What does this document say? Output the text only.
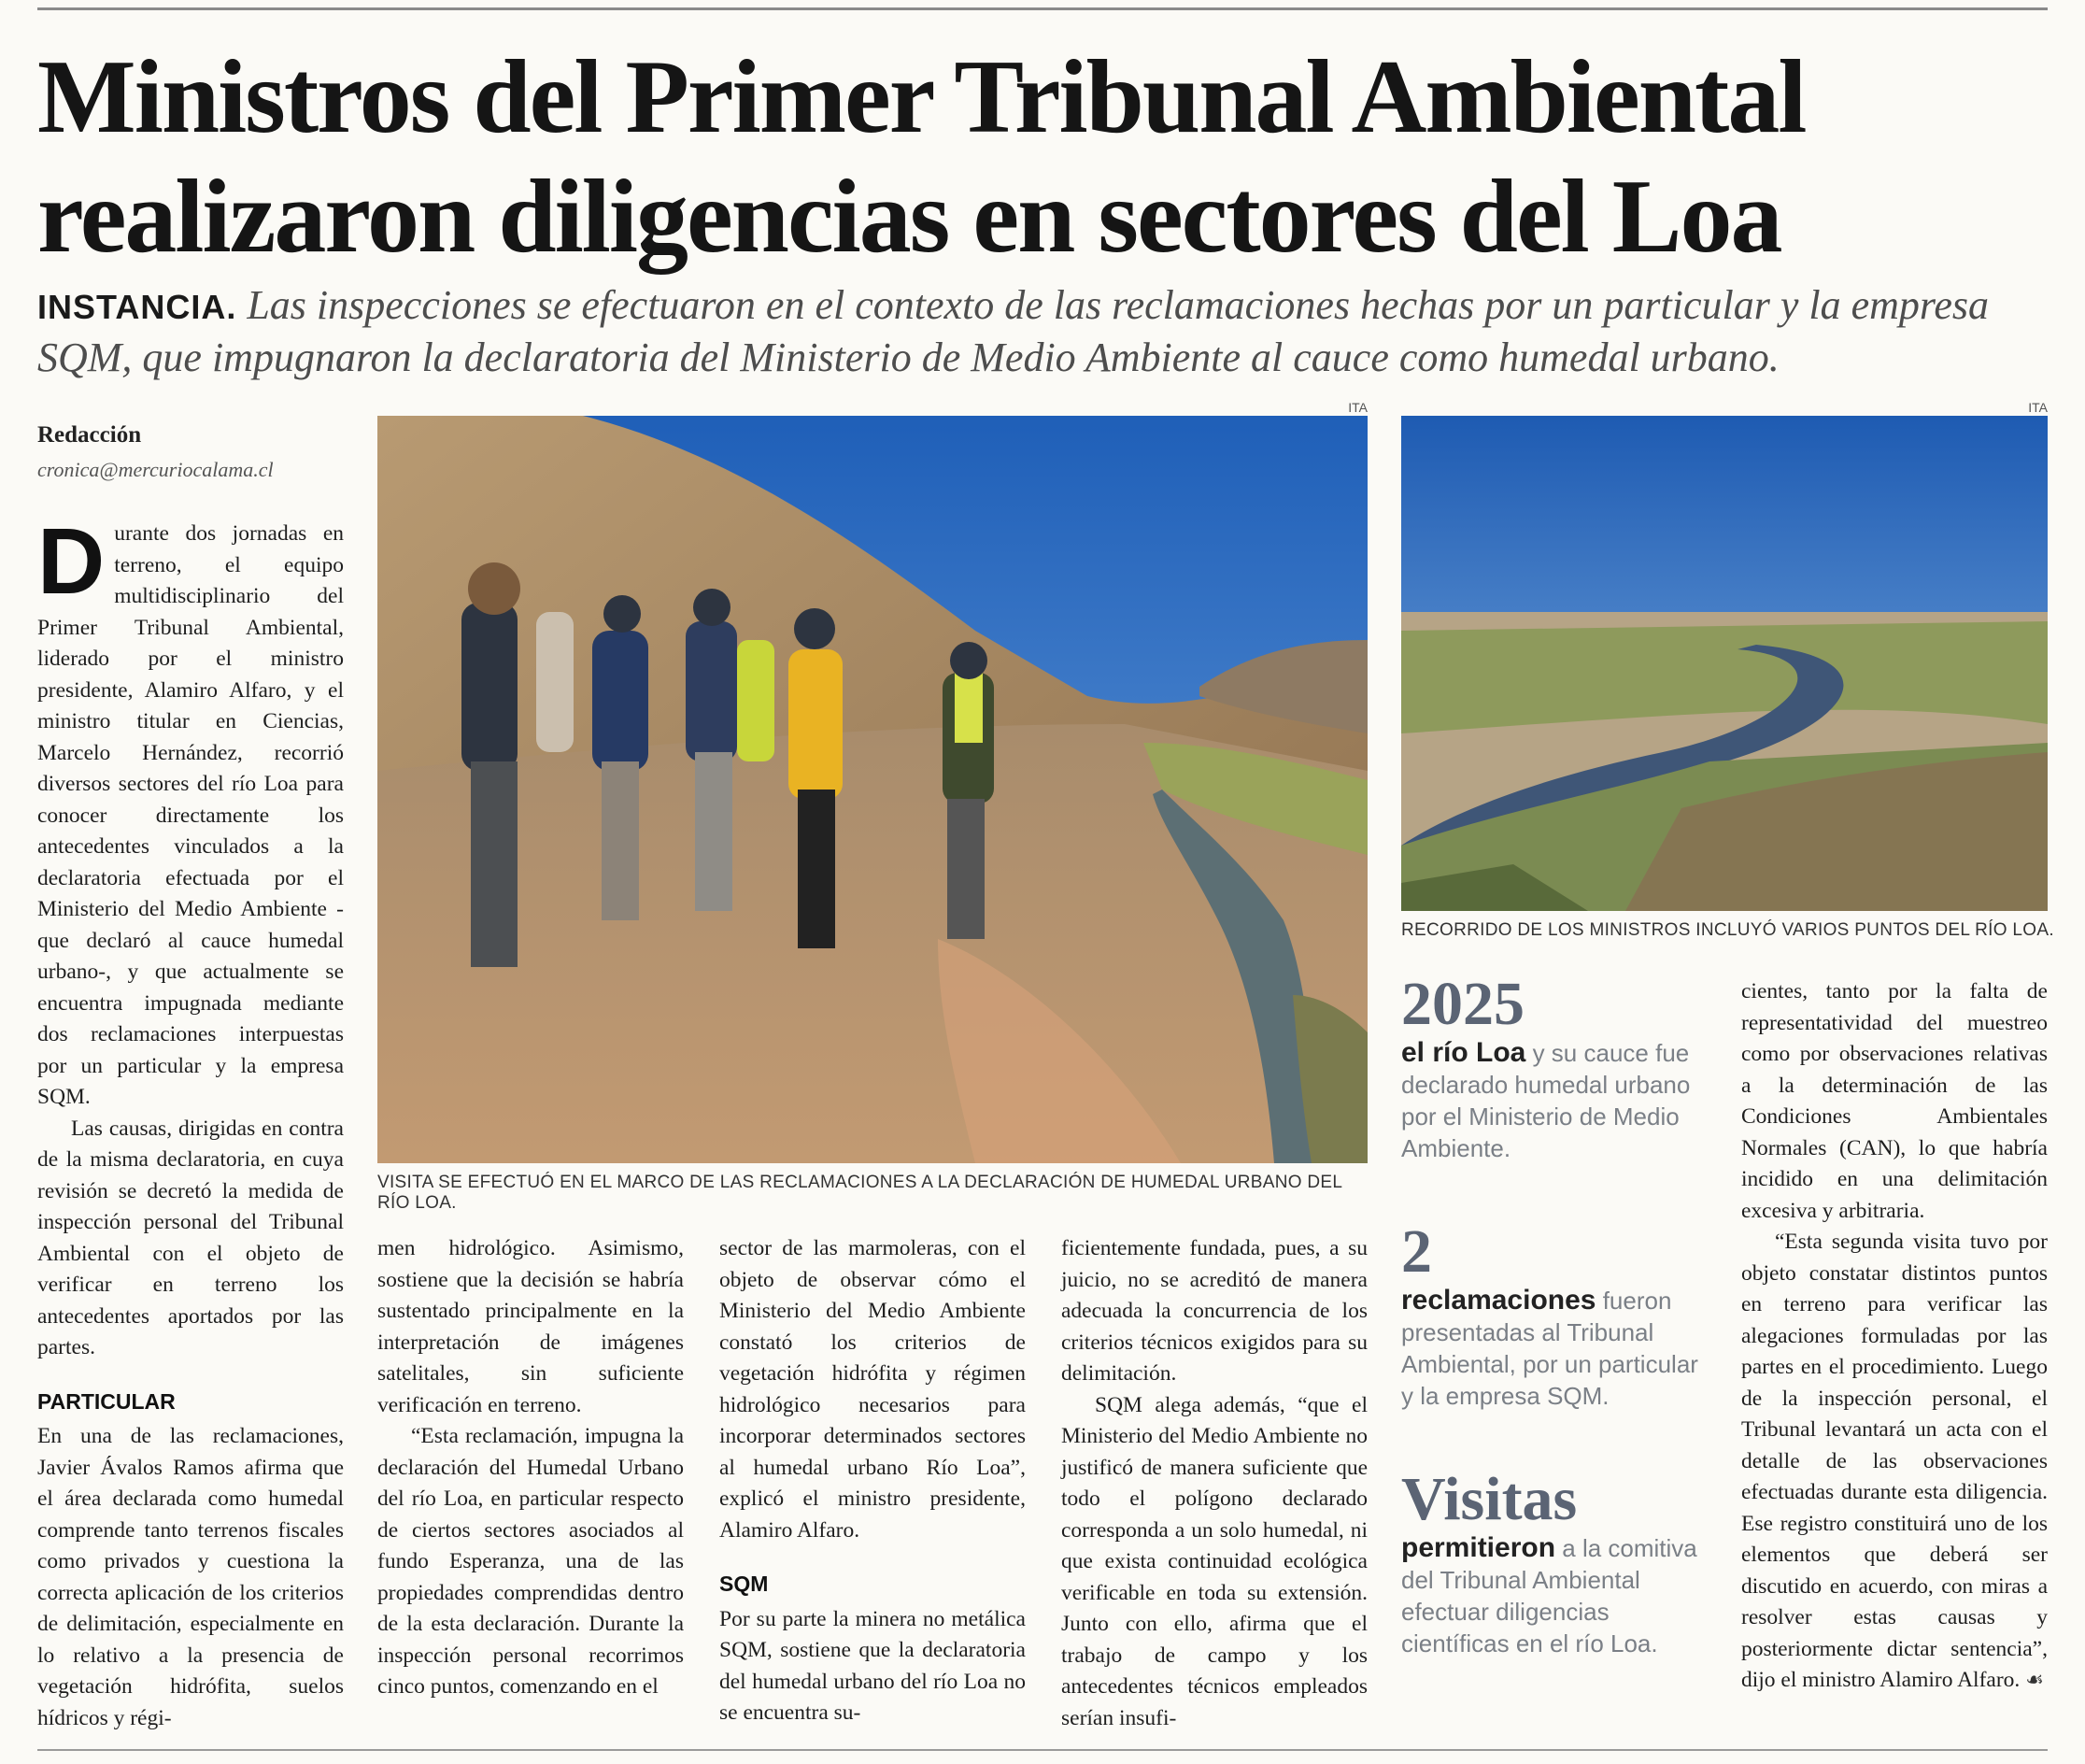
Ministros del Primer Tribunal Ambiental
realizaron diligencias en sectores del Loa
INSTANCIA. Las inspecciones se efectuaron en el contexto de las reclamaciones hechas por un particular y la empresa SQM, que impugnaron la declaratoria del Ministerio de Medio Ambiente al cauce como humedal urbano.
Redacción
cronica@mercuriocalama.cl

Durante dos jornadas en terreno, el equipo multidisciplinario del Primer Tribunal Ambiental, liderado por el ministro presidente, Alamiro Alfaro, y el ministro titular en Ciencias, Marcelo Hernández, recorrió diversos sectores del río Loa para conocer directamente los antecedentes vinculados a la declaratoria efectuada por el Ministerio del Medio Ambiente -que declaró al cauce humedal urbano-, y que actualmente se encuentra impugnada mediante dos reclamaciones interpuestas por un particular y la empresa SQM.

Las causas, dirigidas en contra de la misma declaratoria, en cuya revisión se decretó la medida de inspección personal del Tribunal Ambiental con el objeto de verificar en terreno los antecedentes aportados por las partes.

PARTICULAR

En una de las reclamaciones, Javier Ávalos Ramos afirma que el área declarada como humedal comprende tanto terrenos fiscales como privados y cuestiona la correcta aplicación de los criterios de delimitación, especialmente en lo relativo a la presencia de vegetación hidrófita, suelos hídricos y régi-

ITA
VISITA SE EFECTUÓ EN EL MARCO DE LAS RECLAMACIONES A LA DECLARACIÓN DE HUMEDAL URBANO DEL RÍO LOA.
ITA
RECORRIDO DE LOS MINISTROS INCLUYÓ VARIOS PUNTOS DEL RÍO LOA.

men hidrológico. Asimismo, sostiene que la decisión se habría sustentado principalmente en la interpretación de imágenes satelitales, sin suficiente verificación en terreno.

“Esta reclamación, impugna la declaración del Humedal Urbano del río Loa, en particular respecto de ciertos sectores asociados al fundo Esperanza, una de las propiedades comprendidas dentro de la esta declaración. Durante la inspección personal recorrimos cinco puntos, comenzando en el

sector de las marmoleras, con el objeto de observar cómo el Ministerio del Medio Ambiente constató los criterios de vegetación hidrófita y régimen hidrológico necesarios para incorporar determinados sectores al humedal urbano Río Loa”, explicó el ministro presidente, Alamiro Alfaro.

SQM

Por su parte la minera no metálica SQM, sostiene que la declaratoria del humedal urbano del río Loa no se encuentra su-

ficientemente fundada, pues, a su juicio, no se acreditó de manera adecuada la concurrencia de los criterios técnicos exigidos para su delimitación.

SQM alega además, “que el Ministerio del Medio Ambiente no justificó de manera suficiente que todo el polígono declarado corresponda a un solo humedal, ni que exista continuidad ecológica verificable en toda su extensión. Junto con ello, afirma que el trabajo de campo y los antecedentes técnicos empleados serían insufi-

2025
el río Loa y su cauce fue declarado humedal urbano por el Ministerio de Medio Ambiente.
2
reclamaciones fueron presentadas al Tribunal Ambiental, por un particular y la empresa SQM.
Visitas
permitieron a la comitiva del Tribunal Ambiental efectuar diligencias científicas en el río Loa.

cientes, tanto por la falta de representatividad del muestreo como por observaciones relativas a la determinación de las Condiciones Ambientales Normales (CAN), lo que habría incidido en una delimitación excesiva y arbitraria.

“Esta segunda visita tuvo por objeto constatar distintos puntos en terreno para verificar las alegaciones formuladas por las partes en el procedimiento. Luego de la inspección personal, el Tribunal levantará un acta con el detalle de las observaciones efectuadas durante esta diligencia. Ese registro constituirá uno de los elementos que deberá ser discutido en acuerdo, con miras a resolver estas causas y posteriormente dictar sentencia”, dijo el ministro Alamiro Alfaro. ☙
